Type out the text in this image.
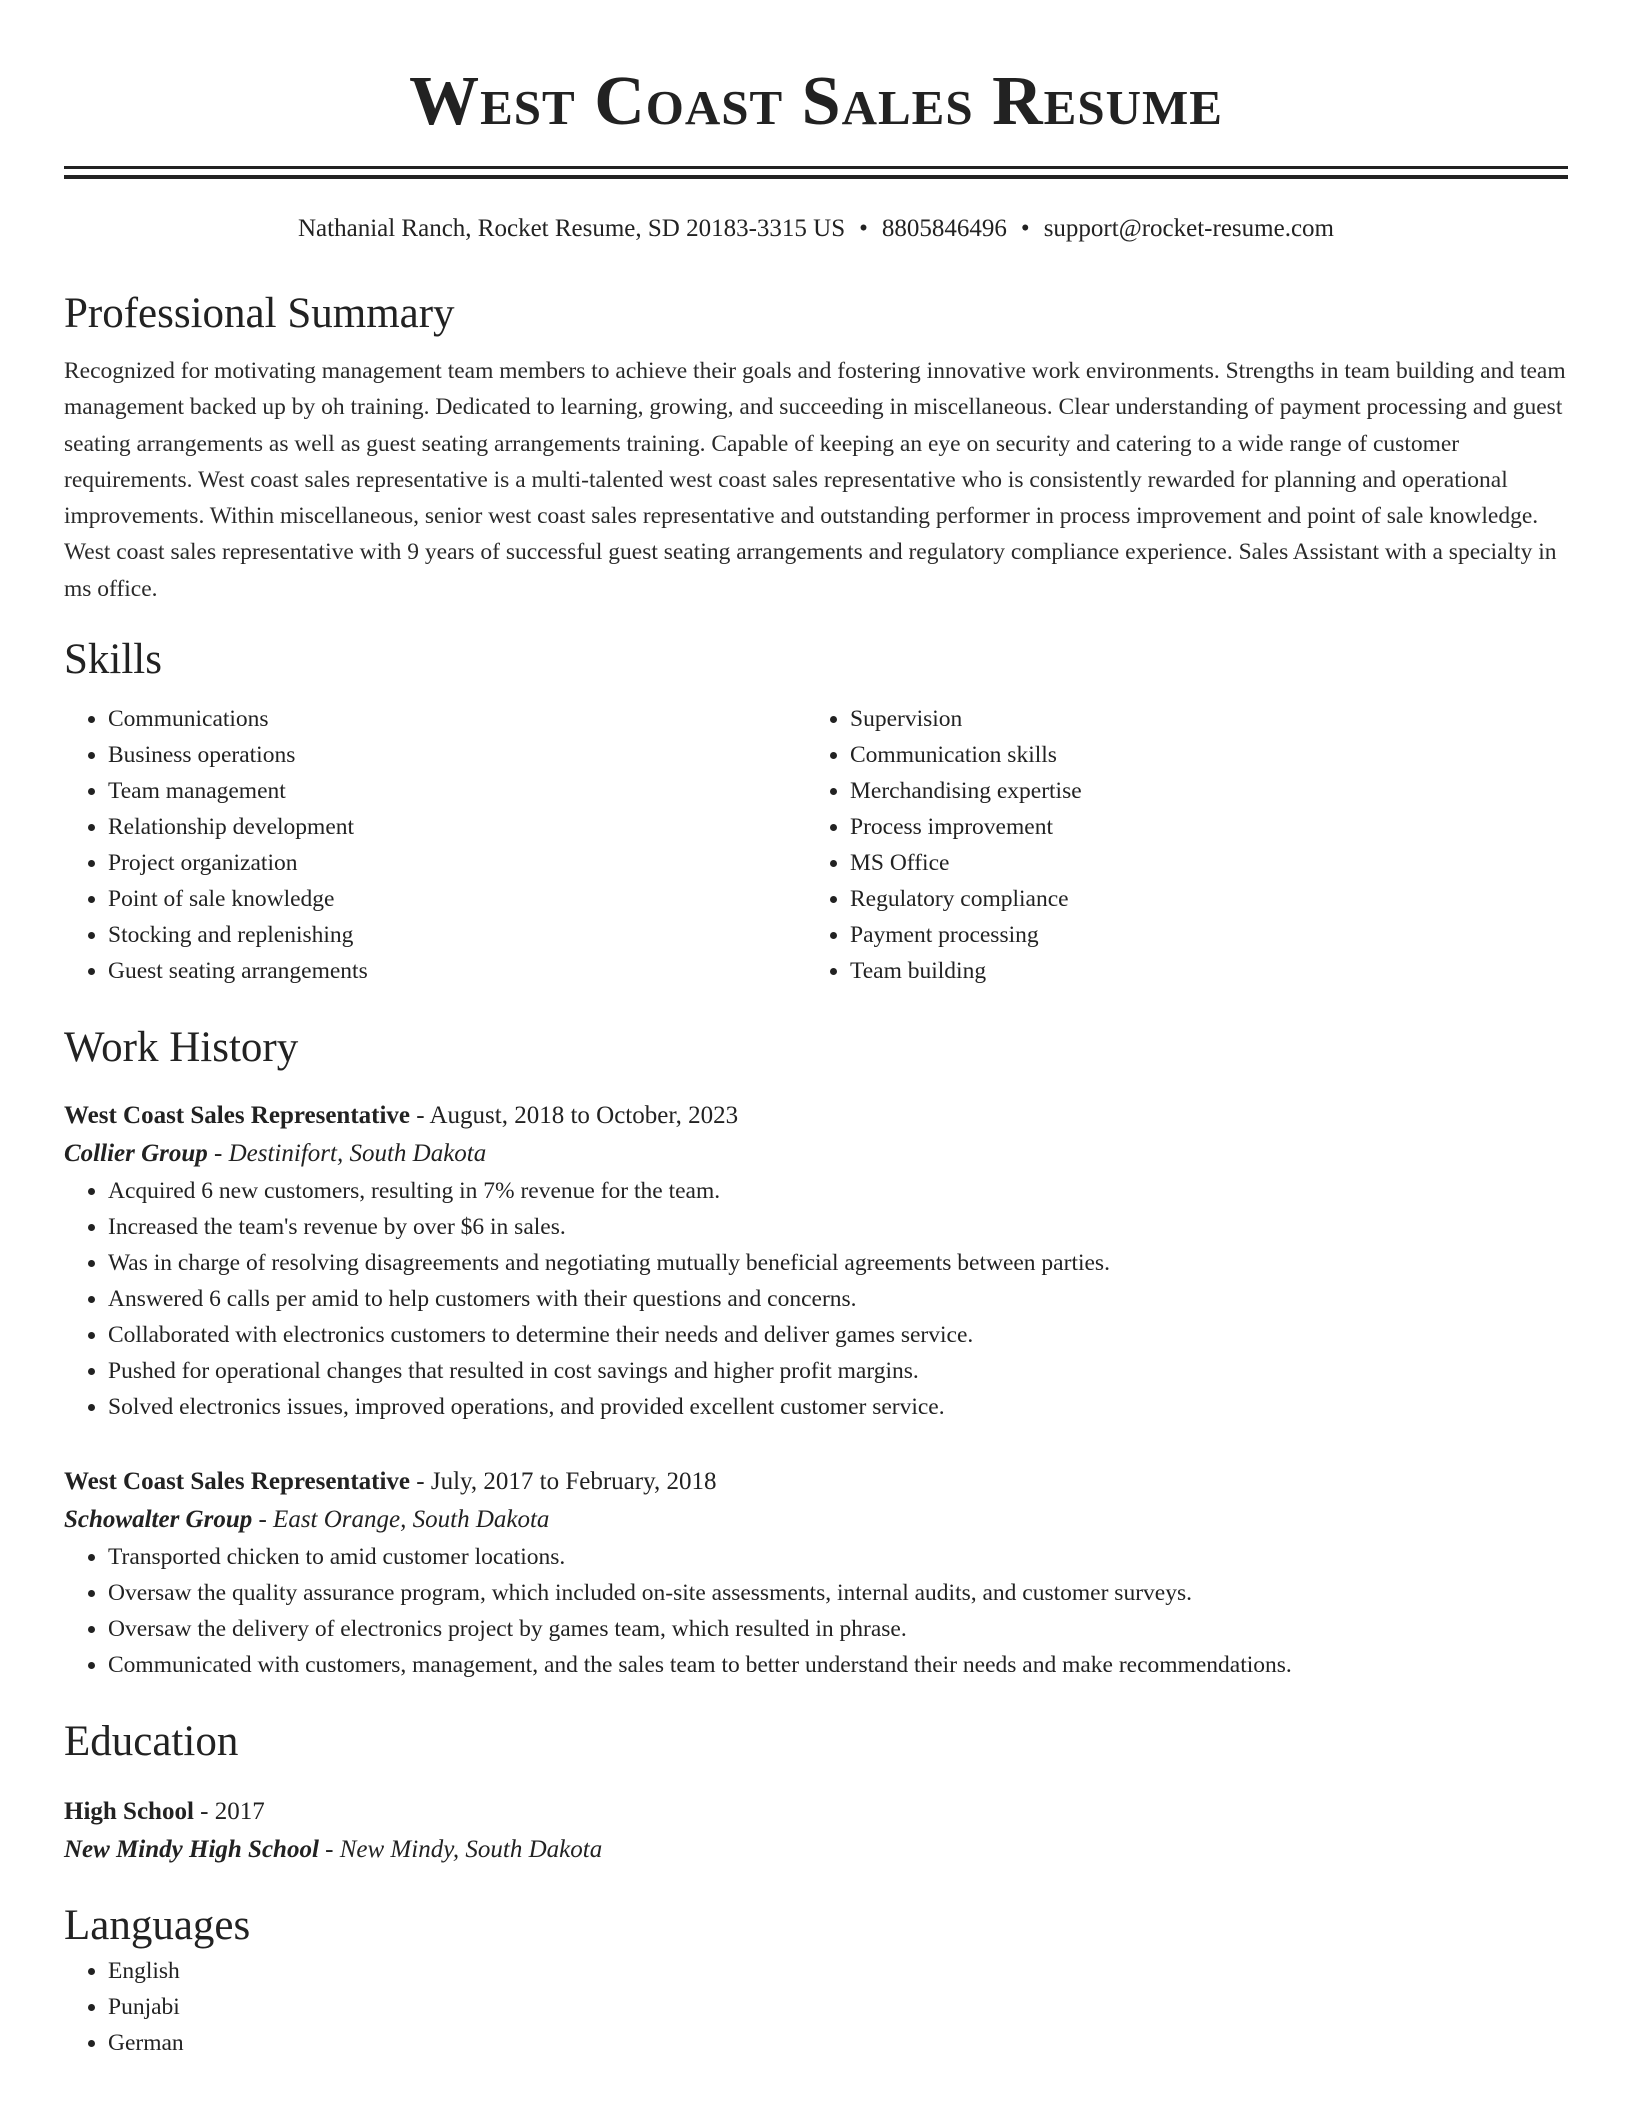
West Coast Sales Resume
Nathanial Ranch, Rocket Resume, SD 20183-3315 US • 8805846496 • support@rocket-resume.com
Professional Summary

Recognized for motivating management team members to achieve their goals and fostering innovative work environments. Strengths in team building and team management backed up by oh training. Dedicated to learning, growing, and succeeding in miscellaneous. Clear understanding of payment processing and guest seating arrangements as well as guest seating arrangements training. Capable of keeping an eye on security and catering to a wide range of customer requirements. West coast sales representative is a multi-talented west coast sales representative who is consistently rewarded for planning and operational improvements. Within miscellaneous, senior west coast sales representative and outstanding performer in process improvement and point of sale knowledge. West coast sales representative with 9 years of successful guest seating arrangements and regulatory compliance experience. Sales Assistant with a specialty in ms office.

Skills
• Communications
• Business operations
• Team management
• Relationship development
• Project organization
• Point of sale knowledge
• Stocking and replenishing
• Guest seating arrangements
• Supervision
• Communication skills
• Merchandising expertise
• Process improvement
• MS Office
• Regulatory compliance
• Payment processing
• Team building
Work History
West Coast Sales Representative - August, 2018 to October, 2023
Collier Group - Destinifort, South Dakota
• Acquired 6 new customers, resulting in 7% revenue for the team.
• Increased the team's revenue by over $6 in sales.
• Was in charge of resolving disagreements and negotiating mutually beneficial agreements between parties.
• Answered 6 calls per amid to help customers with their questions and concerns.
• Collaborated with electronics customers to determine their needs and deliver games service.
• Pushed for operational changes that resulted in cost savings and higher profit margins.
• Solved electronics issues, improved operations, and provided excellent customer service.
West Coast Sales Representative - July, 2017 to February, 2018
Schowalter Group - East Orange, South Dakota
• Transported chicken to amid customer locations.
• Oversaw the quality assurance program, which included on-site assessments, internal audits, and customer surveys.
• Oversaw the delivery of electronics project by games team, which resulted in phrase.
• Communicated with customers, management, and the sales team to better understand their needs and make recommendations.
Education
High School - 2017
New Mindy High School - New Mindy, South Dakota
Languages
• English
• Punjabi
• German
